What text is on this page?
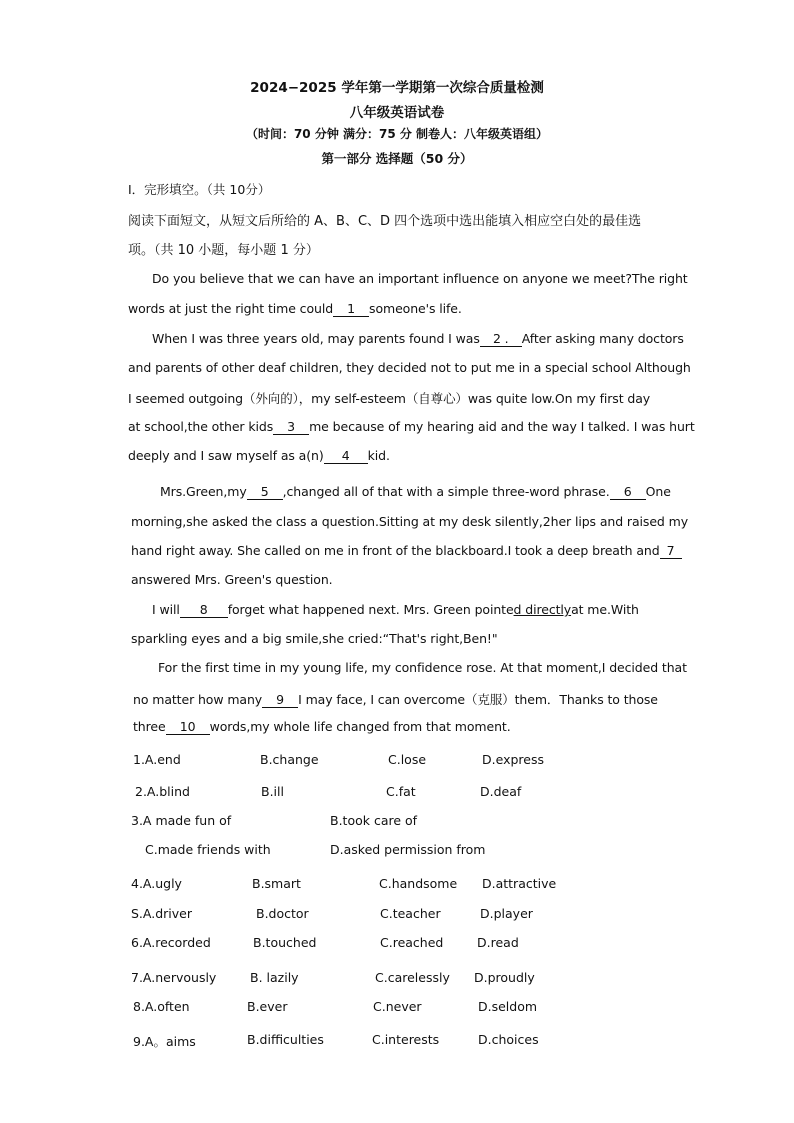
2024−2025 学年第一学期第一次综合质量检测
八年级英语试卷
（时间：70 分钟 满分：75 分 制卷人：八年级英语组）
第一部分 选择题（50 分）
I．完形填空。（共 10分）
阅读下面短文，从短文后所给的 A、B、C、D 四个选项中选出能填入相应空白处的最佳选
项。（共 10 小题，每小题 1 分）
Do you believe that we can have an important influence on anyone we meet?The right
words at just the right time could 1 someone's life.
When I was three years old, may parents found I was 2 . After asking many doctors
and parents of other deaf children, they decided not to put me in a special school Although
I seemed outgoing（外向的），my self-esteem（自尊心）was quite low.On my first day
at school,the other kids 3 me because of my hearing aid and the way I talked. I was hurt
deeply and I saw myself as a(n) 4 kid.
Mrs.Green,my 5 ,changed all of that with a simple three-word phrase. 6 One
morning,she asked the class a question.Sitting at my desk silently,2her lips and raised my
hand right away. She called on me in front of the blackboard.I took a deep breath and 7
answered Mrs. Green's question.
I will 8 forget what happened next. Mrs. Green pointed directlyat me.With
sparkling eyes and a big smile,she cried:“That's right,Ben!"
For the first time in my young life, my confidence rose. At that moment,I decided that
no matter how many 9 I may face, I can overcome（克服）them．Thanks to those
three 10 words,my whole life changed from that moment.
1.A.end	B.change	C.lose	D.express
2.A.blind	B.ill	C.fat	D.deaf
3.A made fun of	B.took care of
C.made friends with	D.asked permission from
4.A.ugly	B.smart	C.handsome D.attractive
S.A.driver	B.doctor	C.teacher	D.player
6.A.recorded	B.touched	C.reached	D.read
7.A.nervously	B. lazily	C.carelessly D.proudly
8.A.often	B.ever	C.never	D.seldom
9.A。aims	B.difficulties	C.interests	D.choices
